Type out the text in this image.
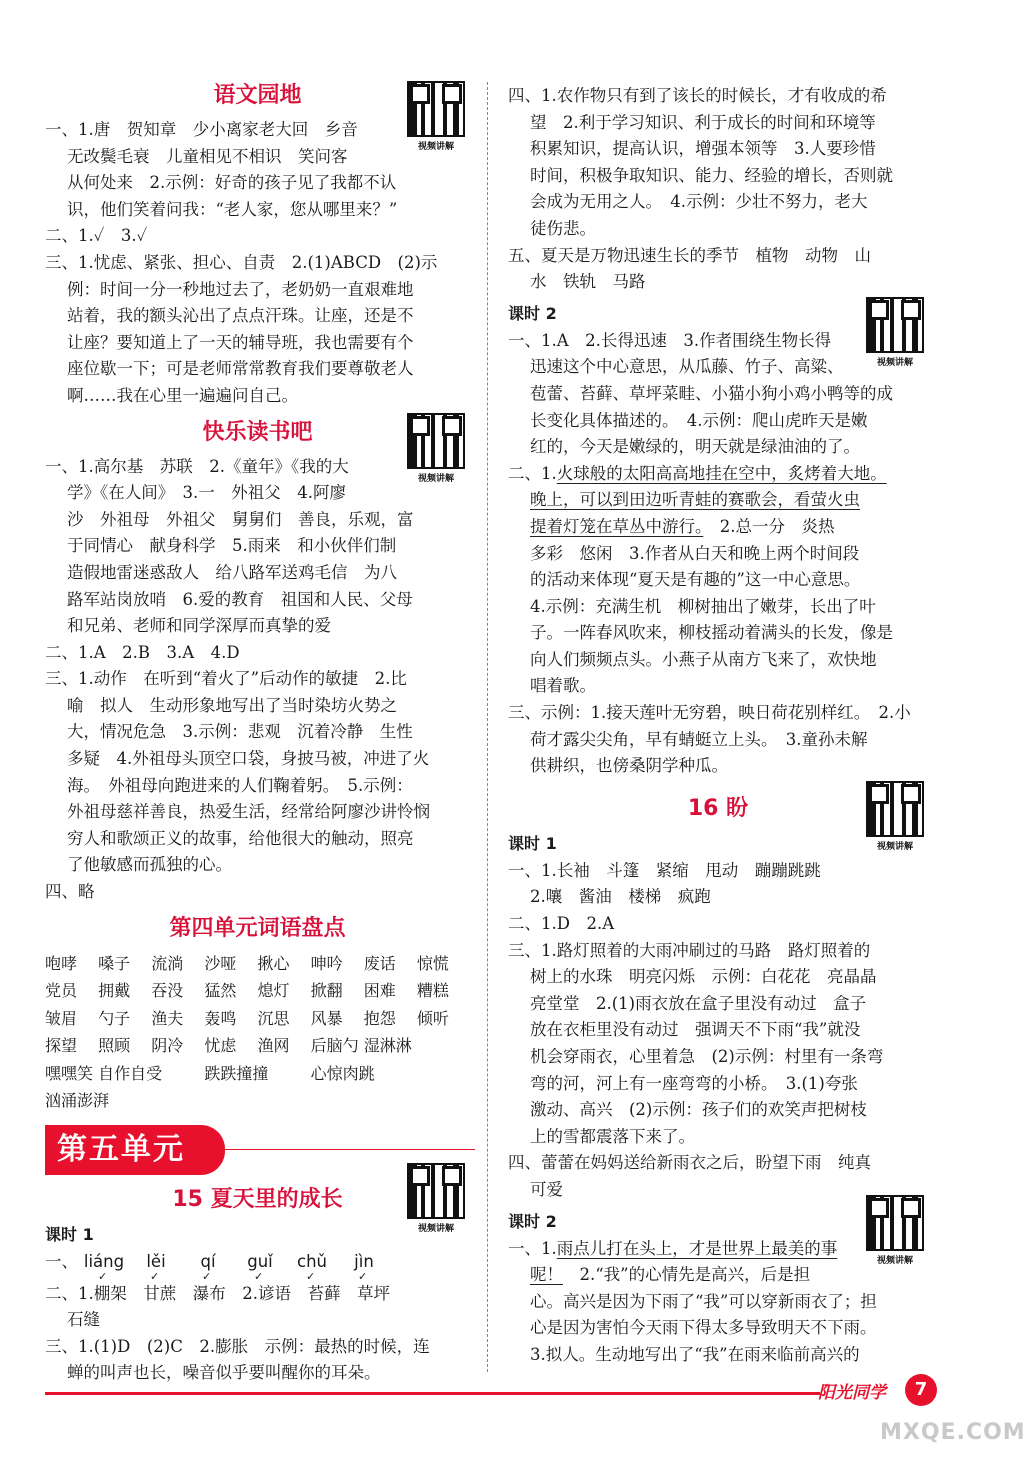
语文园地
视频讲解
一、1.唐　贺知章　少小离家老大回　乡音
无改鬓毛衰　儿童相见不相识　笑问客
从何处来　2.示例：好奇的孩子见了我都不认
识，他们笑着问我：“老人家，您从哪里来？”
二、1.✓　3.✓
三、1.忧虑、紧张、担心、自责　2.(1)ABCD　(2)示
例：时间一分一秒地过去了，老奶奶一直艰难地
站着，我的额头沁出了点点汗珠。让座，还是不
让座？要知道上了一天的辅导班，我也需要有个
座位歇一下；可是老师常常教育我们要尊敬老人
啊……我在心里一遍遍问自己。
快乐读书吧
视频讲解
一、1.高尔基　苏联　2.《童年》《我的大
学》《在人间》　3.一　外祖父　4.阿廖
沙　外祖母　外祖父　舅舅们　善良，乐观，富
于同情心　献身科学　5.雨来　和小伙伴们制
造假地雷迷惑敌人　给八路军送鸡毛信　为八
路军站岗放哨　6.爱的教育　祖国和人民、父母
和兄弟、老师和同学深厚而真挚的爱
二、1.A　2.B　3.A　4.D
三、1.动作　在听到“着火了”后动作的敏捷　2.比
喻　拟人　生动形象地写出了当时染坊火势之
大，情况危急　3.示例：悲观　沉着冷静　生性
多疑　4.外祖母头顶空口袋，身披马被，冲进了火
海。　外祖母向跑进来的人们鞠着躬。　5.示例：
外祖母慈祥善良，热爱生活，经常给阿廖沙讲怜悯
穷人和歌颂正义的故事，给他很大的触动，照亮
了他敏感而孤独的心。
四、略
第四单元词语盘点
咆哮	嗓子	流淌	沙哑	揪心	呻吟	废话	惊慌
党员	拥戴	吞没	猛然	熄灯	掀翻	困难	糟糕
皱眉	勺子	渔夫	轰鸣	沉思	风暴	抱怨	倾听
探望	照顾	阴冷	忧虑	渔网	后脑勺 湿淋淋
嘿嘿笑 自作自受	跌跌撞撞	心惊肉跳
汹涌澎湃
第五单元
15 夏天里的成长
视频讲解
课时 1
一、 liáng ✓	lěi ✓	qí ✓	guǐ ✓	chǔ ✓	jìn ✓
二、1.棚架　甘蔗　瀑布　2.谚语　苔藓　草坪
石缝
三、1.(1)D　(2)C　2.膨胀　示例：最热的时候，连
蝉的叫声也长，噪音似乎要叫醒你的耳朵。
四、1.农作物只有到了该长的时候长，才有收成的希
望　2.利于学习知识、利于成长的时间和环境等
积累知识，提高认识，增强本领等　3.人要珍惜
时间，积极争取知识、能力、经验的增长，否则就
会成为无用之人。　4.示例：少壮不努力，老大
徒伤悲。
五、夏天是万物迅速生长的季节　植物　动物　山
水　铁轨　马路
课时 2
视频讲解
一、1.A　2.长得迅速　3.作者围绕生物长得
迅速这个中心意思，从瓜藤、竹子、高粱、
苞蕾、苔藓、草坪菜畦、小猫小狗小鸡小鸭等的成
长变化具体描述的。　4.示例：爬山虎昨天是嫩
红的，今天是嫩绿的，明天就是绿油油的了。
二、1.火球般的太阳高高地挂在空中，炙烤着大地。
晚上，可以到田边听青蛙的赛歌会，看萤火虫
提着灯笼在草丛中游行。　2.总一分　炎热
多彩　悠闲　3.作者从白天和晚上两个时间段
的活动来体现“夏天是有趣的”这一中心意思。
4.示例：充满生机　柳树抽出了嫩芽，长出了叶
子。一阵春风吹来，柳枝摇动着满头的长发，像是
向人们频频点头。小燕子从南方飞来了，欢快地
唱着歌。
三、示例：1.接天莲叶无穷碧，映日荷花别样红。　2.小
荷才露尖尖角，早有蜻蜓立上头。　3.童孙未解
供耕织，也傍桑阴学种瓜。
16 盼
视频讲解
课时 1
一、1.长袖　斗篷　紧缩　甩动　蹦蹦跳跳
2.嚷　酱油　楼梯　疯跑
二、1.D　2.A
三、1.路灯照着的大雨冲刷过的马路　路灯照着的
树上的水珠　明亮闪烁　示例：白花花　亮晶晶
亮堂堂　2.(1)雨衣放在盒子里没有动过　盒子
放在衣柜里没有动过　强调天不下雨“我”就没
机会穿雨衣，心里着急　(2)示例：村里有一条弯
弯的河，河上有一座弯弯的小桥。　3.(1)夸张
激动、高兴　(2)示例：孩子们的欢笑声把树枝
上的雪都震落下来了。
四、蕾蕾在妈妈送给新雨衣之后，盼望下雨　纯真
可爱
课时 2
视频讲解
一、1.雨点儿打在头上，才是世界上最美的事
呢！　2.“我”的心情先是高兴，后是担
心。高兴是因为下雨了“我”可以穿新雨衣了；担
心是因为害怕今天雨下得太多导致明天不下雨。
3.拟人。生动地写出了“我”在雨来临前高兴的
阳光同学	7
MXQE.COM
